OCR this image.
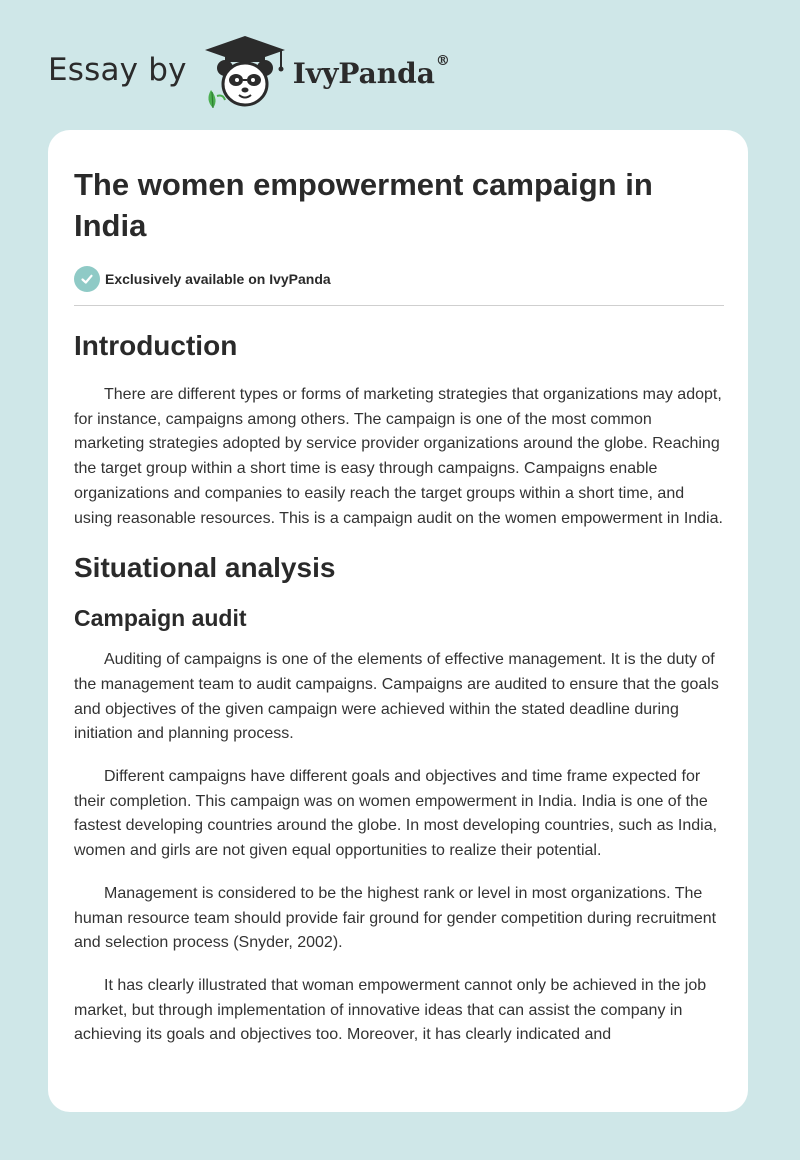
Essay by	IvyPanda®
The women empowerment campaign in India
Exclusively available on IvyPanda
Introduction

There are different types or forms of marketing strategies that organizations may adopt, for instance, campaigns among others. The campaign is one of the most common marketing strategies adopted by service provider organizations around the globe. Reaching the target group within a short time is easy through campaigns. Campaigns enable organizations and companies to easily reach the target groups within a short time, and using reasonable resources. This is a campaign audit on the women empowerment in India.

Situational analysis
Campaign audit

Auditing of campaigns is one of the elements of effective management. It is the duty of the management team to audit campaigns. Campaigns are audited to ensure that the goals and objectives of the given campaign were achieved within the stated deadline during initiation and planning process.

Different campaigns have different goals and objectives and time frame expected for their completion. This campaign was on women empowerment in India. India is one of the fastest developing countries around the globe. In most developing countries, such as India, women and girls are not given equal opportunities to realize their potential.

Management is considered to be the highest rank or level in most organizations. The human resource team should provide fair ground for gender competition during recruitment and selection process (Snyder, 2002).

It has clearly illustrated that woman empowerment cannot only be achieved in the job market, but through implementation of innovative ideas that can assist the company in achieving its goals and objectives too. Moreover, it has clearly indicated and
